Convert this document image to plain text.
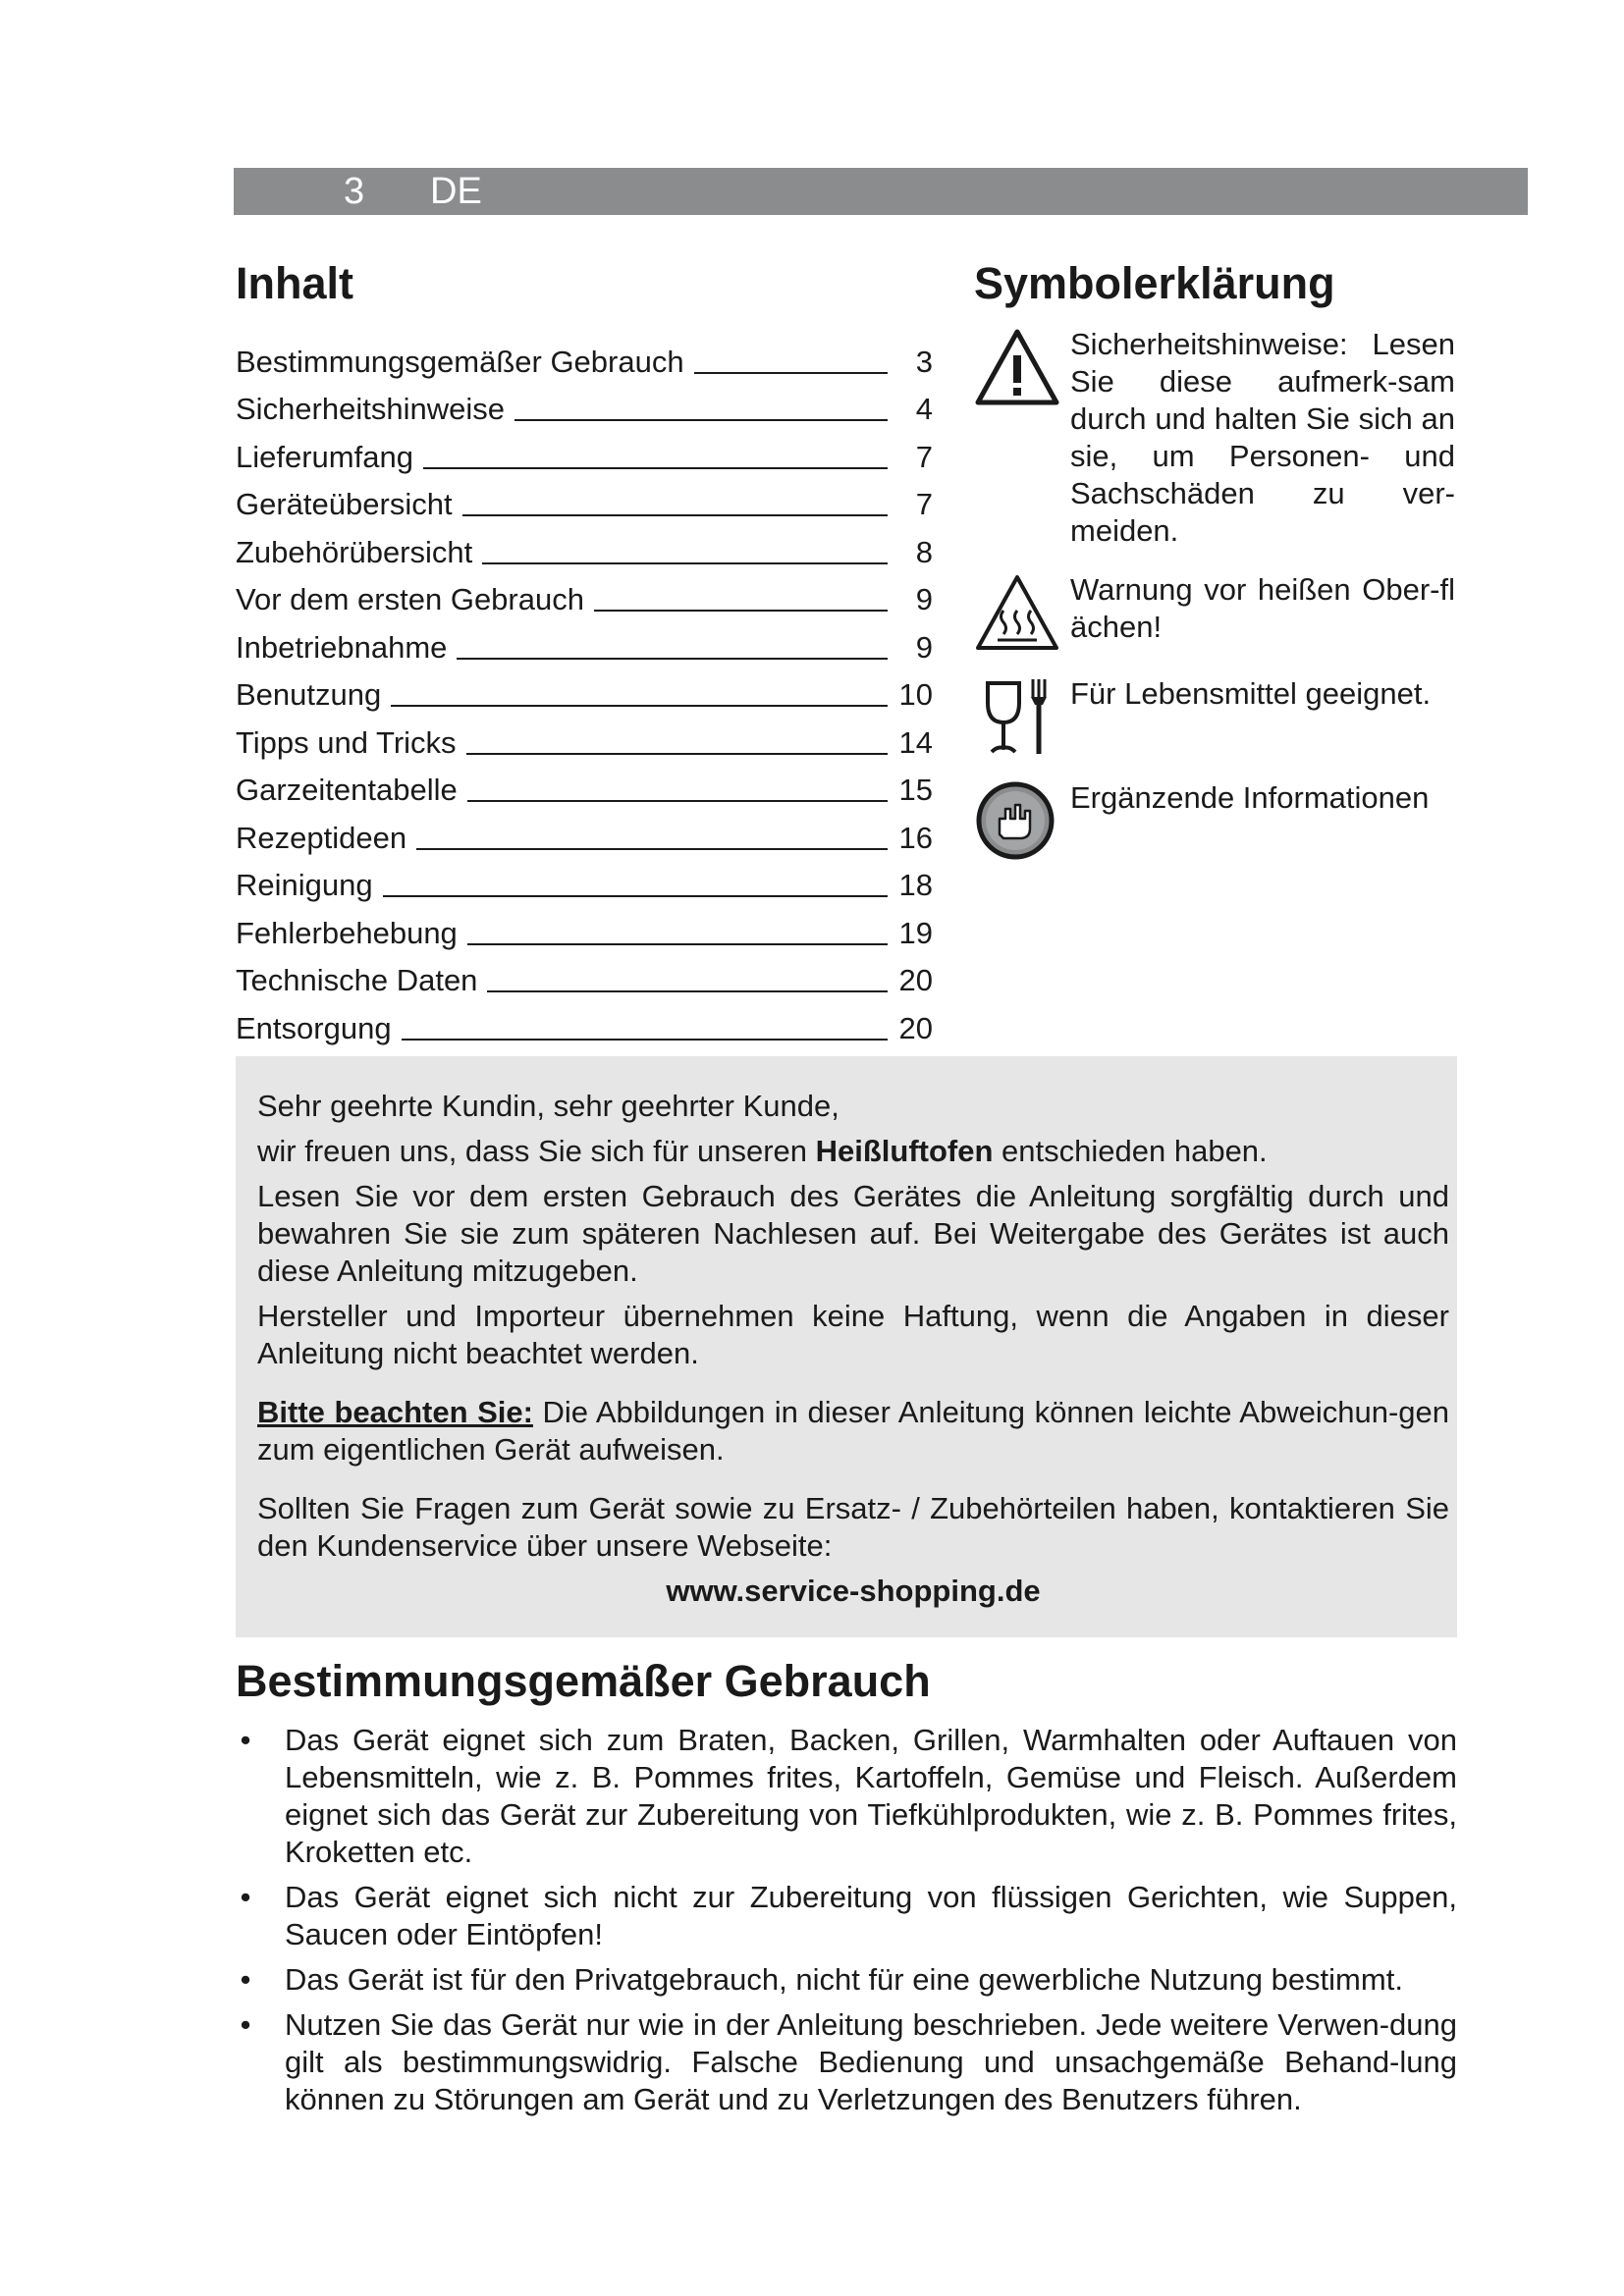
3 DE
Inhalt
Bestimmungsgemäßer Gebrauch	3
Sicherheitshinweise	4
Lieferumfang	7
Geräteübersicht	7
Zubehörübersicht	8
Vor dem ersten Gebrauch	9
Inbetriebnahme	9
Benutzung	10
Tipps und Tricks	14
Garzeitentabelle	15
Rezeptideen	16
Reinigung	18
Fehlerbehebung	19
Technische Daten	20
Entsorgung	20
Symbolerklärung
Sicherheitshinweise: Lesen Sie diese aufmerk-sam durch und halten Sie sich an sie, um Personen- und Sachschäden zu ver-meiden.
Warnung vor heißen Ober-fl ächen!
Für Lebensmittel geeignet.
Ergänzende Informationen

Sehr geehrte Kundin, sehr geehrter Kunde,

wir freuen uns, dass Sie sich für unseren Heißluftofen entschieden haben.

Lesen Sie vor dem ersten Gebrauch des Gerätes die Anleitung sorgfältig durch und bewahren Sie sie zum späteren Nachlesen auf. Bei Weitergabe des Gerätes ist auch diese Anleitung mitzugeben.

Hersteller und Importeur übernehmen keine Haftung, wenn die Angaben in dieser Anleitung nicht beachtet werden.

Bitte beachten Sie: Die Abbildungen in dieser Anleitung können leichte Abweichun-gen zum eigentlichen Gerät aufweisen.

Sollten Sie Fragen zum Gerät sowie zu Ersatz- / Zubehörteilen haben, kontaktieren Sie den Kundenservice über unsere Webseite:

www.service-shopping.de

Bestimmungsgemäßer Gebrauch
• Das Gerät eignet sich zum Braten, Backen, Grillen, Warmhalten oder Auftauen von Lebensmitteln, wie z. B. Pommes frites, Kartoffeln, Gemüse und Fleisch. Außerdem eignet sich das Gerät zur Zubereitung von Tiefkühlprodukten, wie z. B. Pommes frites, Kroketten etc.
• Das Gerät eignet sich nicht zur Zubereitung von flüssigen Gerichten, wie Suppen, Saucen oder Eintöpfen!
• Das Gerät ist für den Privatgebrauch, nicht für eine gewerbliche Nutzung bestimmt.
• Nutzen Sie das Gerät nur wie in der Anleitung beschrieben. Jede weitere Verwen-dung gilt als bestimmungswidrig. Falsche Bedienung und unsachgemäße Behand-lung können zu Störungen am Gerät und zu Verletzungen des Benutzers führen.
